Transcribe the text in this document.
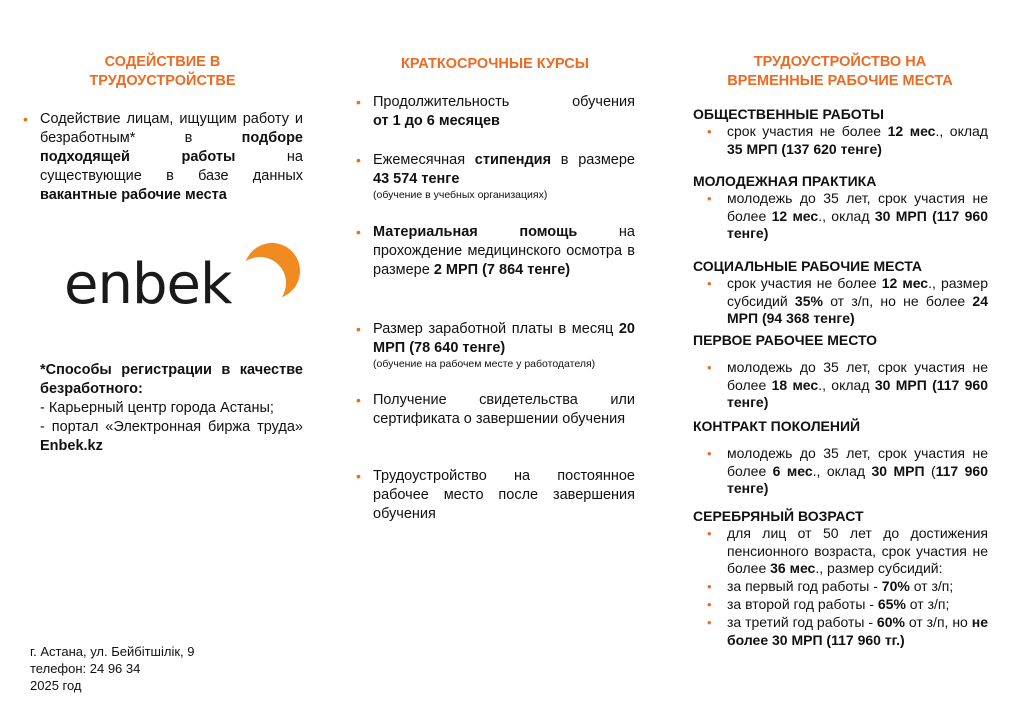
СОДЕЙСТВИЕ В
ТРУДОУСТРОЙСТВЕ
• Содействие лицам, ищущим работу и безработным* в подборе подходящей работы на существующие в базе данных вакантные рабочие места
enbek
*Способы регистрации в качестве безработного:
- Карьерный центр города Астаны;
- портал «Электронная биржа труда» Enbek.kz
г. Астана, ул. Бейбітшілік, 9
телефон: 24 96 34
2025 год
КРАТКОСРОЧНЫЕ КУРСЫ
• Продолжительность обучения
от 1 до 6 месяцев
• Ежемесячная стипендия в размере 43 574 тенге
(обучение в учебных организациях)
• Материальная помощь на прохождение медицинского осмотра в размере 2 МРП (7 864 тенге)
• Размер заработной платы в месяц 20 МРП (78 640 тенге)
(обучение на рабочем месте у работодателя)
• Получение свидетельства или сертификата о завершении обучения
• Трудоустройство на постоянное рабочее место после завершения обучения
ТРУДОУСТРОЙСТВО НА
ВРЕМЕННЫЕ РАБОЧИЕ МЕСТА
ОБЩЕСТВЕННЫЕ РАБОТЫ
• срок участия не более 12 мес., оклад 35 МРП (137 620 тенге)
МОЛОДЕЖНАЯ ПРАКТИКА
• молодежь до 35 лет, срок участия не более 12 мес., оклад 30 МРП (117 960 тенге)
СОЦИАЛЬНЫЕ РАБОЧИЕ МЕСТА
• срок участия не более 12 мес., размер субсидий 35% от з/п, но не более 24 МРП (94 368 тенге)
ПЕРВОЕ РАБОЧЕЕ МЕСТО
• молодежь до 35 лет, срок участия не более 18 мес., оклад 30 МРП (117 960 тенге)
КОНТРАКТ ПОКОЛЕНИЙ
• молодежь до 35 лет, срок участия не более 6 мес., оклад 30 МРП (117 960 тенге)
СЕРЕБРЯНЫЙ ВОЗРАСТ
• для лиц от 50 лет до достижения пенсионного возраста, срок участия не более 36 мес., размер субсидий:
• за первый год работы - 70% от з/п;
• за второй год работы - 65% от з/п;
• за третий год работы - 60% от з/п, но не более 30 МРП (117 960 тг.)
